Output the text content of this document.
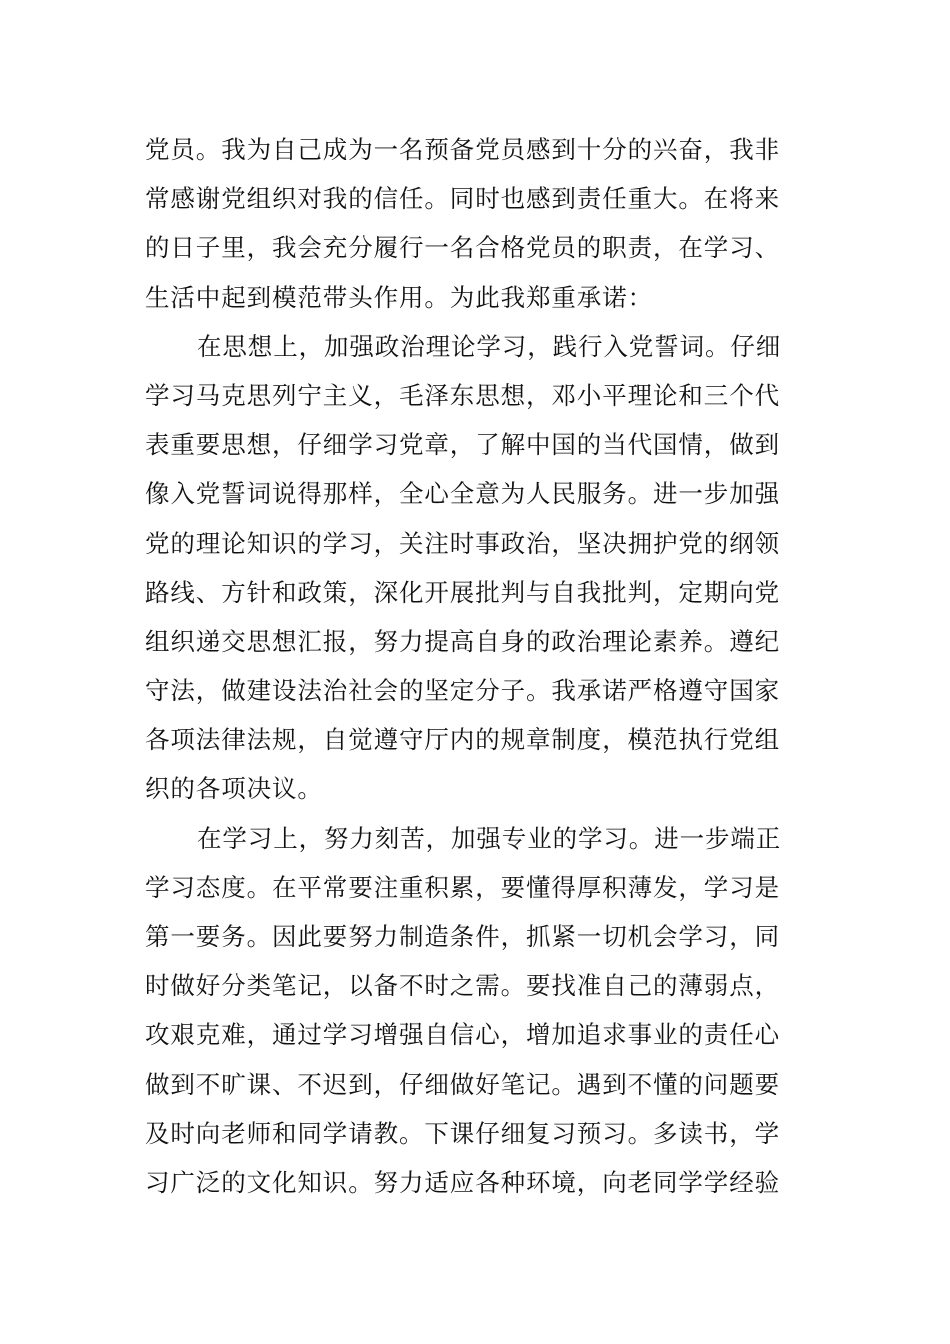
党员。我为自己成为一名预备党员感到十分的兴奋，我非
常感谢党组织对我的信任。同时也感到责任重大。在将来
的日子里，我会充分履行一名合格党员的职责，在学习、
生活中起到模范带头作用。为此我郑重承诺：
在思想上，加强政治理论学习，践行入党誓词。仔细
学习马克思列宁主义，毛泽东思想，邓小平理论和三个代
表重要思想，仔细学习党章，了解中国的当代国情，做到
像入党誓词说得那样，全心全意为人民服务。进一步加强
党的理论知识的学习，关注时事政治，坚决拥护党的纲领
路线、方针和政策，深化开展批判与自我批判，定期向党
组织递交思想汇报，努力提高自身的政治理论素养。遵纪
守法，做建设法治社会的坚定分子。我承诺严格遵守国家
各项法律法规，自觉遵守厅内的规章制度，模范执行党组
织的各项决议。
在学习上，努力刻苦，加强专业的学习。进一步端正
学习态度。在平常要注重积累，要懂得厚积薄发，学习是
第一要务。因此要努力制造条件，抓紧一切机会学习，同
时做好分类笔记，以备不时之需。要找准自己的薄弱点，
攻艰克难，通过学习增强自信心，增加追求事业的责任心
做到不旷课、不迟到，仔细做好笔记。遇到不懂的问题要
及时向老师和同学请教。下课仔细复习预习。多读书，学
习广泛的文化知识。努力适应各种环境，向老同学学经验
